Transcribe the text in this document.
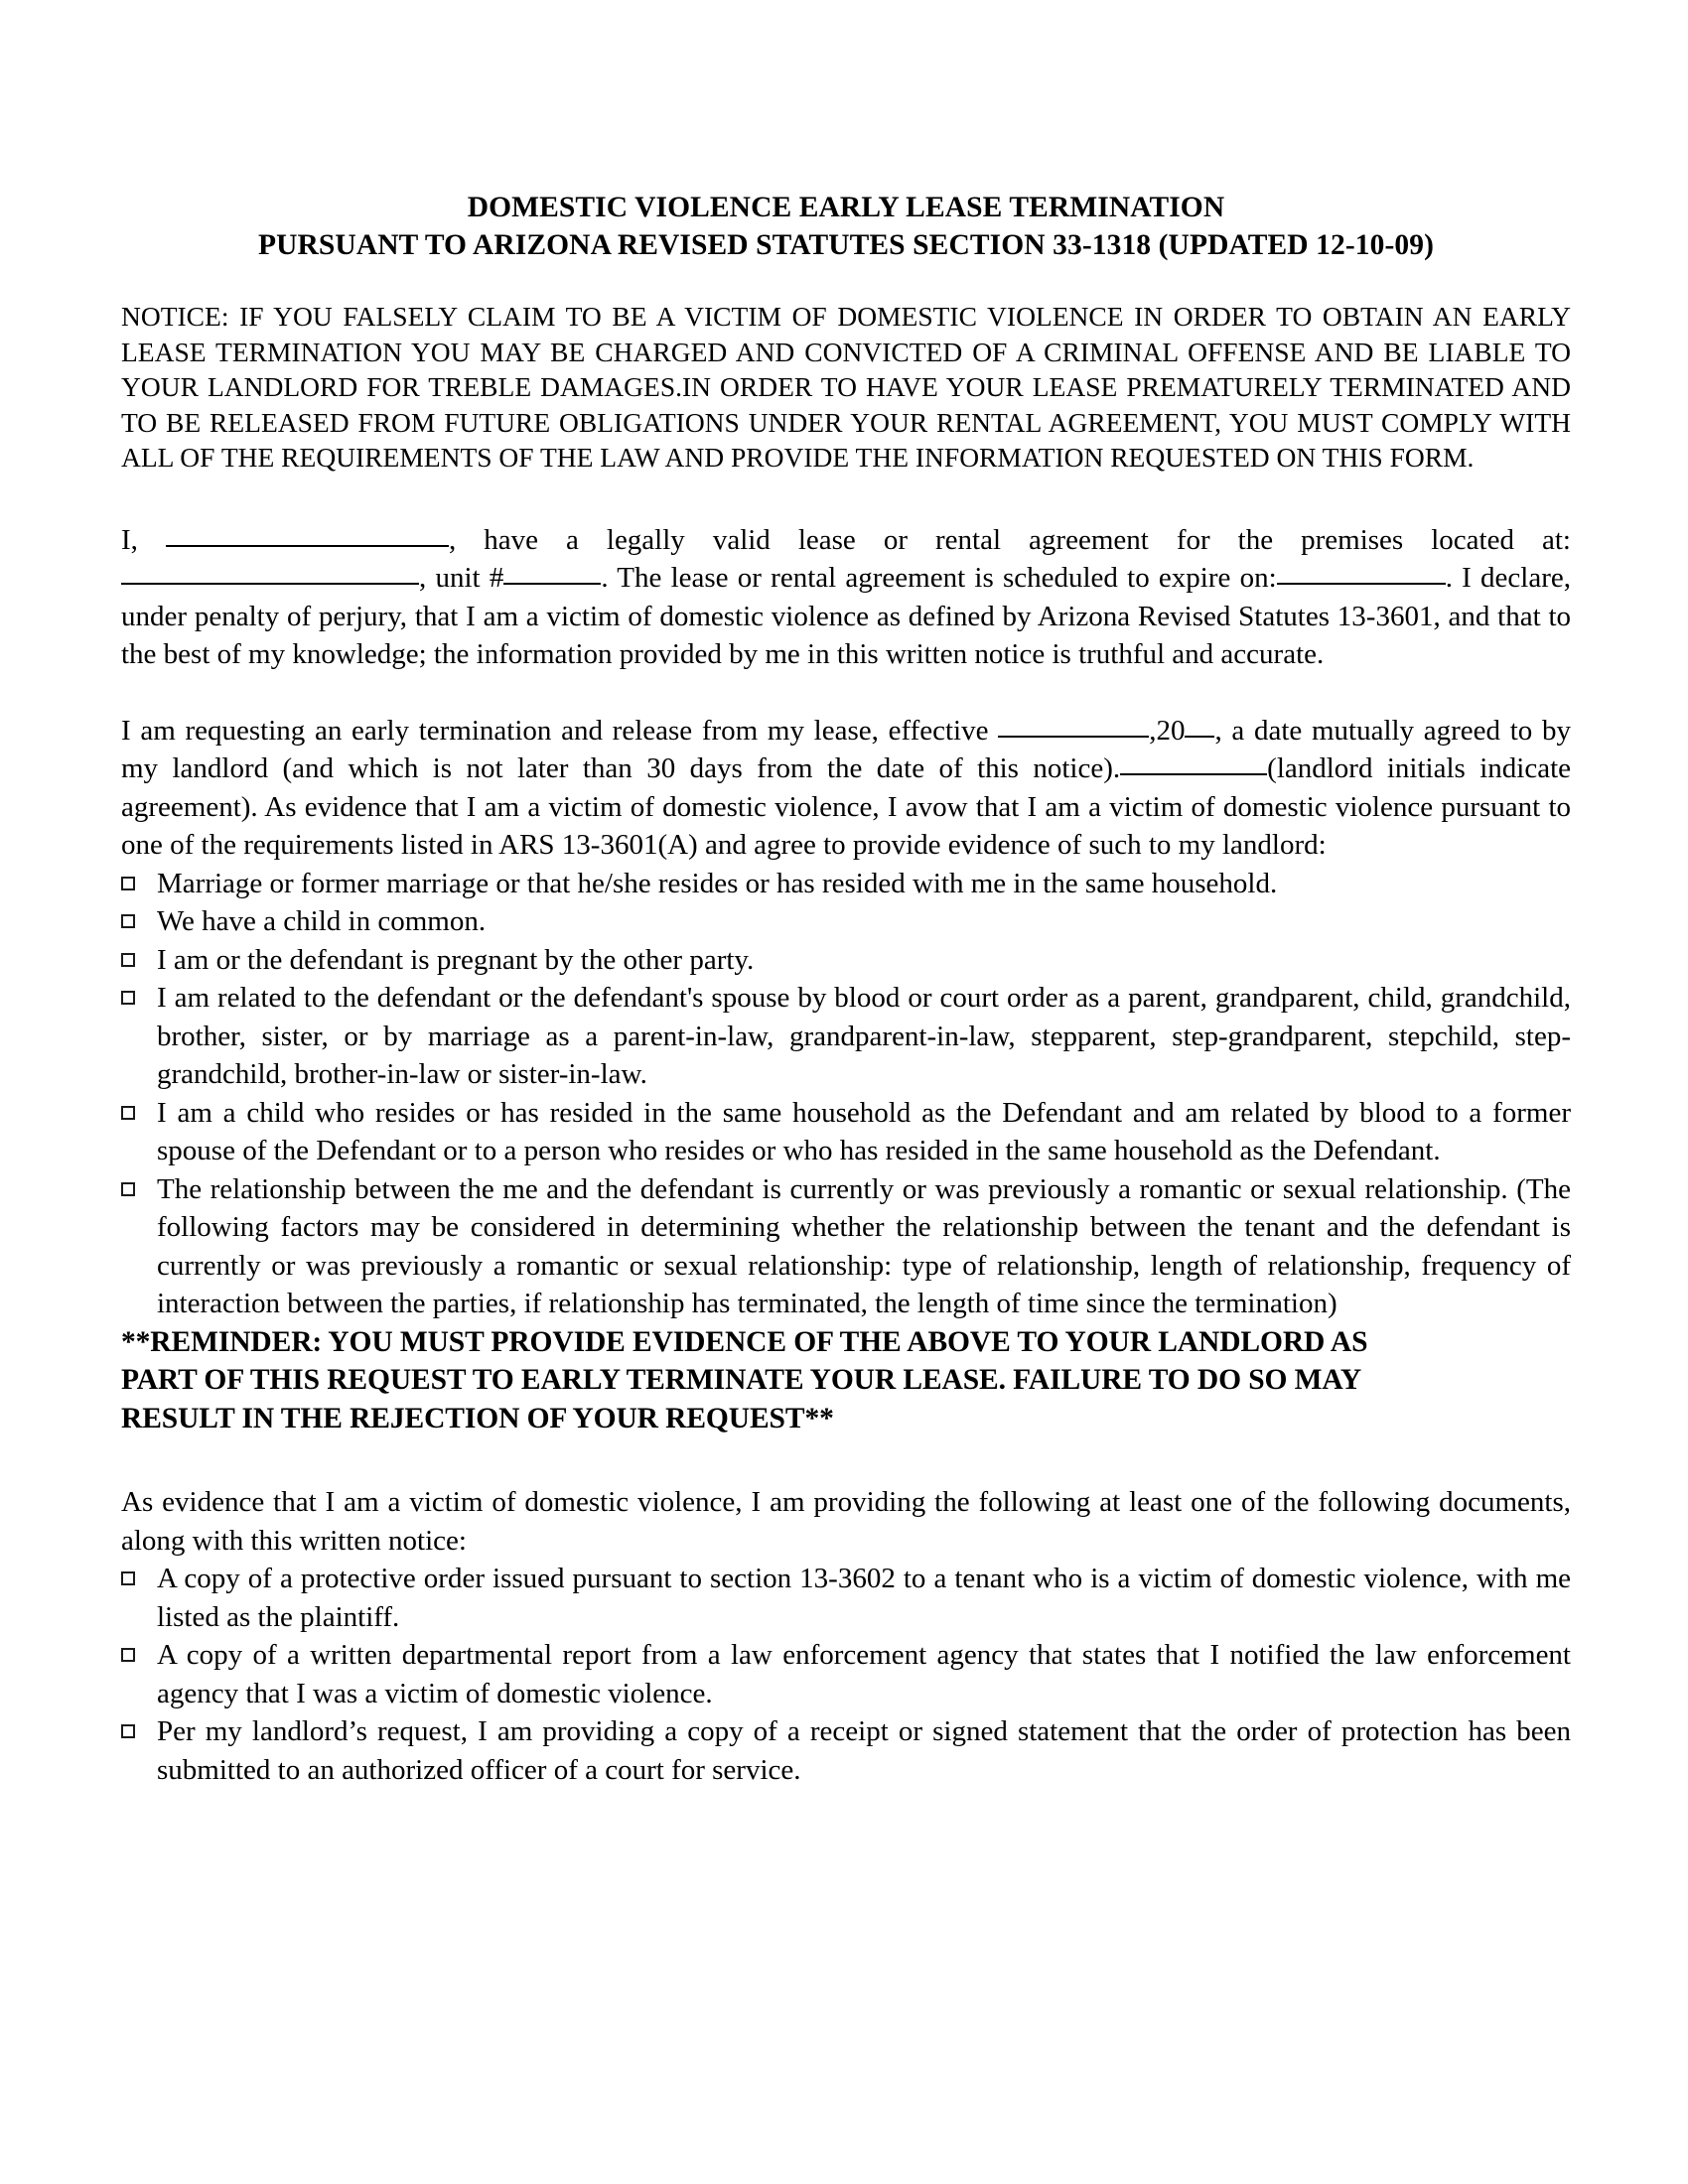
DOMESTIC VIOLENCE EARLY LEASE TERMINATION
PURSUANT TO ARIZONA REVISED STATUTES SECTION 33-1318 (UPDATED 12-10-09)
NOTICE: IF YOU FALSELY CLAIM TO BE A VICTIM OF DOMESTIC VIOLENCE IN ORDER TO OBTAIN AN EARLY LEASE TERMINATION YOU MAY BE CHARGED AND CONVICTED OF A CRIMINAL OFFENSE AND BE LIABLE TO YOUR LANDLORD FOR TREBLE DAMAGES.IN ORDER TO HAVE YOUR LEASE PREMATURELY TERMINATED AND TO BE RELEASED FROM FUTURE OBLIGATIONS UNDER YOUR RENTAL AGREEMENT, YOU MUST COMPLY WITH ALL OF THE REQUIREMENTS OF THE LAW AND PROVIDE THE INFORMATION REQUESTED ON THIS FORM.
I,	, have a legally valid lease or rental agreement for the premises located at:, unit #	. The lease or rental agreement is scheduled to expire on:	. I declare, under penalty of perjury, that I am a victim of domestic violence as defined by Arizona Revised Statutes 13-3601, and that to the best of my knowledge; the information provided by me in this written notice is truthful and accurate.
I am requesting an early termination and release from my lease, effective	,20 , a date mutually agreed to by my landlord (and which is not later than 30 days from the date of this notice).	(landlord initials indicate agreement). As evidence that I am a victim of domestic violence, I avow that I am a victim of domestic violence pursuant to one of the requirements listed in ARS 13-3601(A) and agree to provide evidence of such to my landlord:
Marriage or former marriage or that he/she resides or has resided with me in the same household.
We have a child in common.
I am or the defendant is pregnant by the other party.
I am related to the defendant or the defendant's spouse by blood or court order as a parent, grandparent, child, grandchild, brother, sister, or by marriage as a parent-in-law, grandparent-in-law, stepparent, step-grandparent, stepchild, step-grandchild, brother-in-law or sister-in-law.
I am a child who resides or has resided in the same household as the Defendant and am related by blood to a former spouse of the Defendant or to a person who resides or who has resided in the same household as the Defendant.
The relationship between the me and the defendant is currently or was previously a romantic or sexual relationship. (The following factors may be considered in determining whether the relationship between the tenant and the defendant is currently or was previously a romantic or sexual relationship: type of relationship, length of relationship, frequency of interaction between the parties, if relationship has terminated, the length of time since the termination)
**REMINDER: YOU MUST PROVIDE EVIDENCE OF THE ABOVE TO YOUR LANDLORD AS
PART OF THIS REQUEST TO EARLY TERMINATE YOUR LEASE. FAILURE TO DO SO MAY
RESULT IN THE REJECTION OF YOUR REQUEST**
As evidence that I am a victim of domestic violence, I am providing the following at least one of the following documents, along with this written notice:
A copy of a protective order issued pursuant to section 13-3602 to a tenant who is a victim of domestic violence, with me listed as the plaintiff.
A copy of a written departmental report from a law enforcement agency that states that I notified the law enforcement agency that I was a victim of domestic violence.
Per my landlord’s request, I am providing a copy of a receipt or signed statement that the order of protection has been submitted to an authorized officer of a court for service.
